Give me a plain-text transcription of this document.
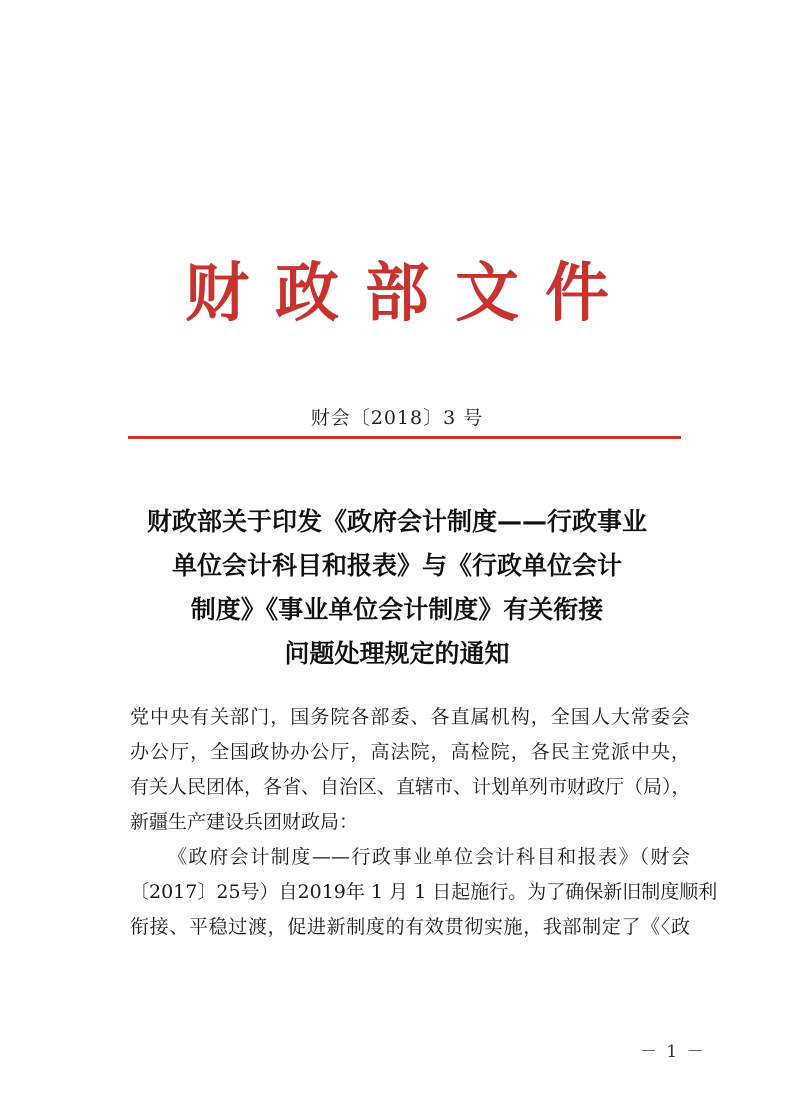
财政部文件
财会〔2018〕3 号
财政部关于印发《政府会计制度——行政事业
单位会计科目和报表》与《行政单位会计
制度》《事业单位会计制度》有关衔接
问题处理规定的通知
党中央有关部门，国务院各部委、各直属机构，全国人大常委会
办公厅，全国政协办公厅，高法院，高检院，各民主党派中央，
有关人民团体，各省、自治区、直辖市、计划单列市财政厅（局），
新疆生产建设兵团财政局：
《政府会计制度——行政事业单位会计科目和报表》（财会
〔2017〕25号）自2019年 1 月 1 日起施行。为了确保新旧制度顺利
衔接、平稳过渡，促进新制度的有效贯彻实施，我部制定了《〈政
－ 1 －
